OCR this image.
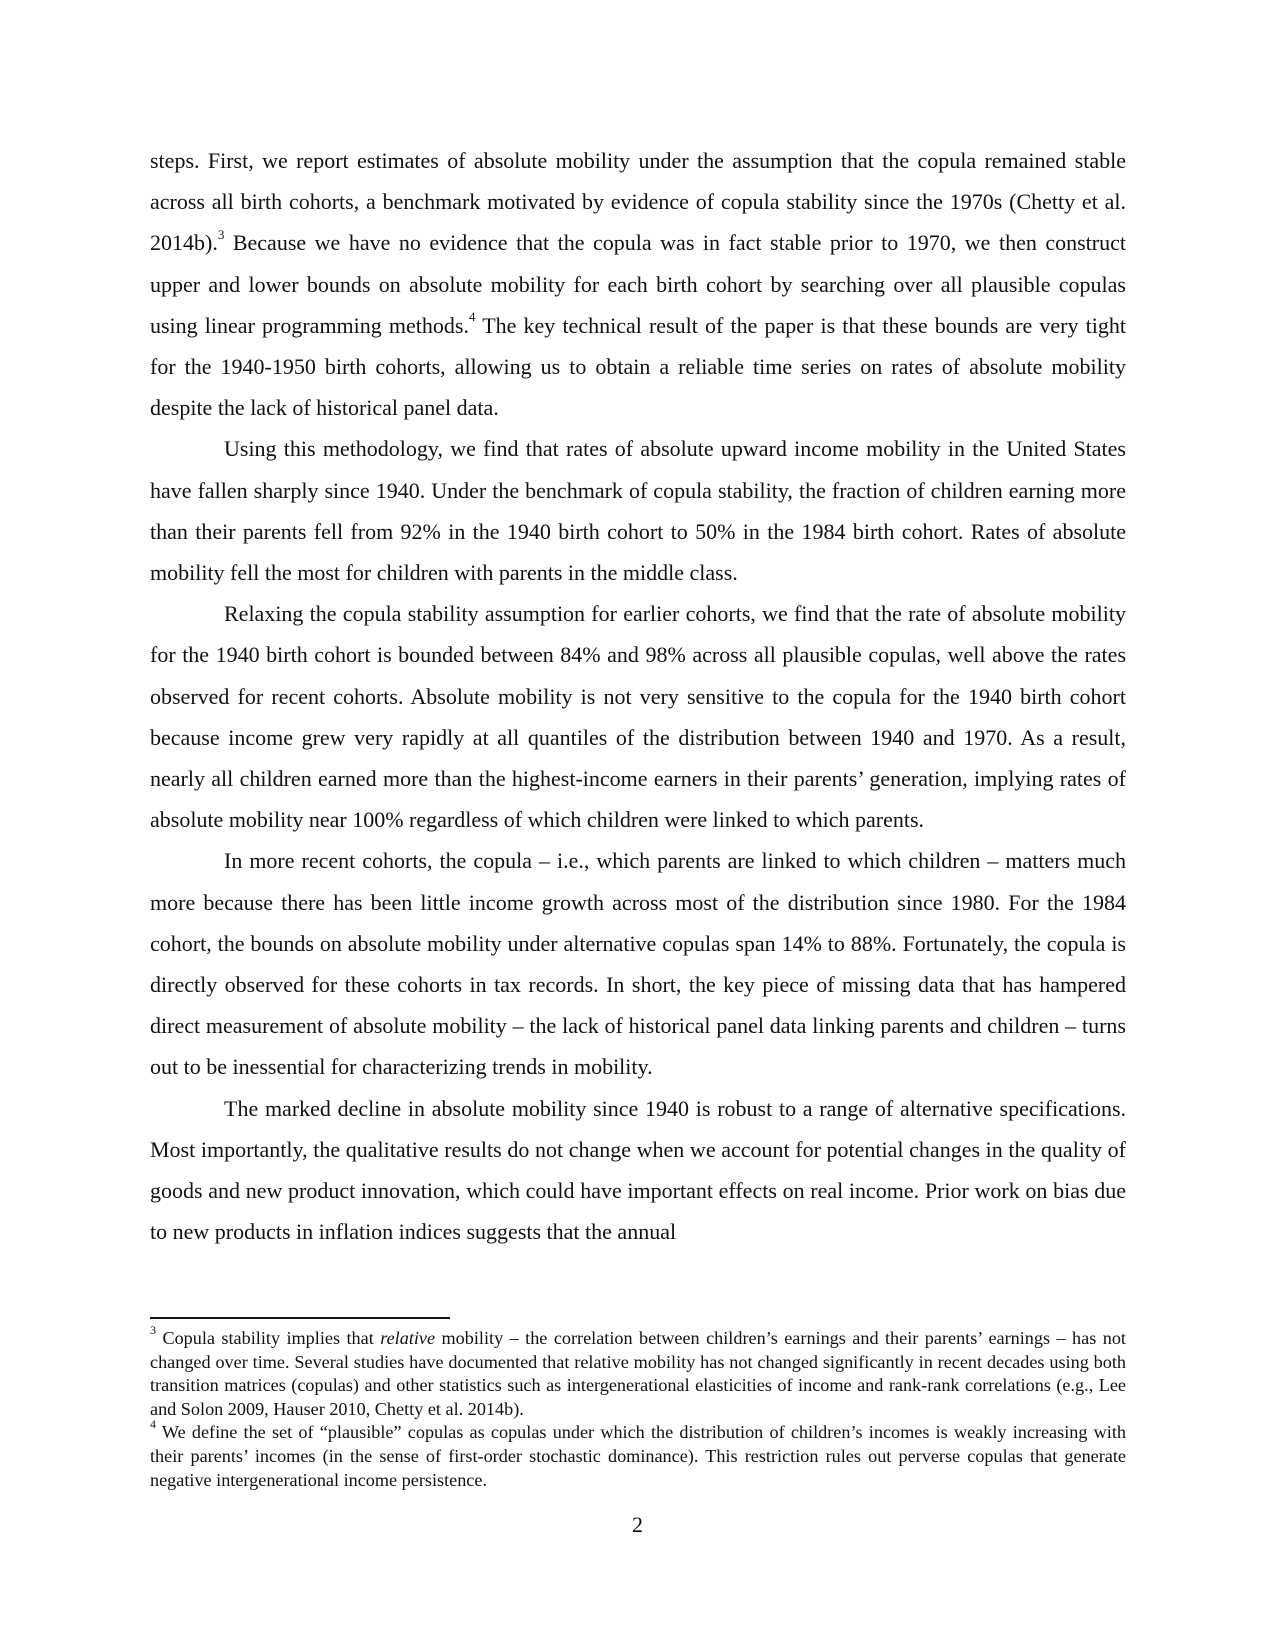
steps. First, we report estimates of absolute mobility under the assumption that the copula remained stable across all birth cohorts, a benchmark motivated by evidence of copula stability since the 1970s (Chetty et al. 2014b).$^3$ Because we have no evidence that the copula was in fact stable prior to 1970, we then construct upper and lower bounds on absolute mobility for each birth cohort by searching over all plausible copulas using linear programming methods.$^4$ The key technical result of the paper is that these bounds are very tight for the 1940-1950 birth cohorts, allowing us to obtain a reliable time series on rates of absolute mobility despite the lack of historical panel data.

Using this methodology, we find that rates of absolute upward income mobility in the United States have fallen sharply since 1940. Under the benchmark of copula stability, the fraction of children earning more than their parents fell from 92% in the 1940 birth cohort to 50% in the 1984 birth cohort. Rates of absolute mobility fell the most for children with parents in the middle class.

Relaxing the copula stability assumption for earlier cohorts, we find that the rate of absolute mobility for the 1940 birth cohort is bounded between 84% and 98% across all plausible copulas, well above the rates observed for recent cohorts. Absolute mobility is not very sensitive to the copula for the 1940 birth cohort because income grew very rapidly at all quantiles of the distribution between 1940 and 1970. As a result, nearly all children earned more than the highest-income earners in their parents’ generation, implying rates of absolute mobility near 100% regardless of which children were linked to which parents.

In more recent cohorts, the copula – i.e., which parents are linked to which children – matters much more because there has been little income growth across most of the distribution since 1980. For the 1984 cohort, the bounds on absolute mobility under alternative copulas span 14% to 88%. Fortunately, the copula is directly observed for these cohorts in tax records. In short, the key piece of missing data that has hampered direct measurement of absolute mobility – the lack of historical panel data linking parents and children – turns out to be inessential for characterizing trends in mobility.

The marked decline in absolute mobility since 1940 is robust to a range of alternative specifications. Most importantly, the qualitative results do not change when we account for potential changes in the quality of goods and new product innovation, which could have important effects on real income. Prior work on bias due to new products in inflation indices suggests that the annual

$^3$ Copula stability implies that relative mobility – the correlation between children’s earnings and their parents’ earnings – has not changed over time. Several studies have documented that relative mobility has not changed significantly in recent decades using both transition matrices (copulas) and other statistics such as intergenerational elasticities of income and rank-rank correlations (e.g., Lee and Solon 2009, Hauser 2010, Chetty et al. 2014b).

$^4$ We define the set of “plausible” copulas as copulas under which the distribution of children’s incomes is weakly increasing with their parents’ incomes (in the sense of first-order stochastic dominance). This restriction rules out perverse copulas that generate negative intergenerational income persistence.

2
